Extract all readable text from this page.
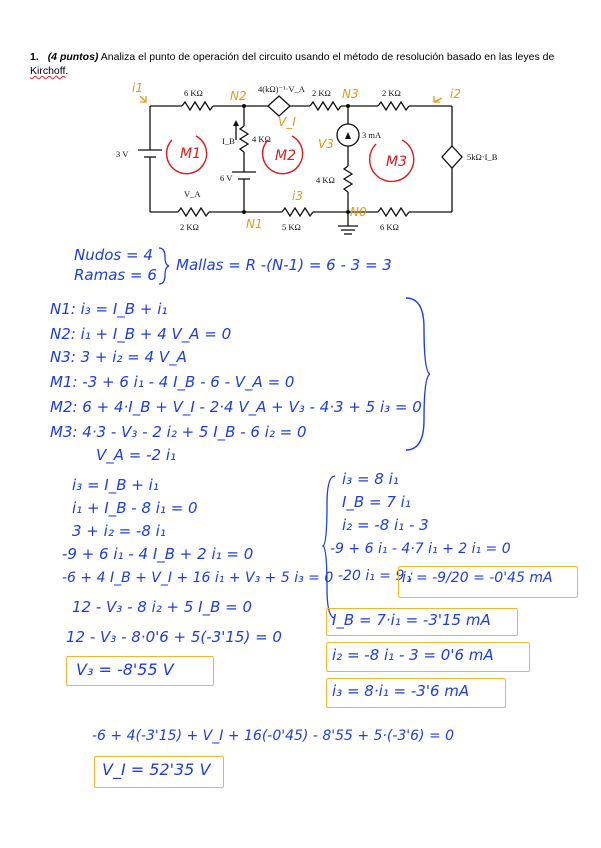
1. (4 puntos) Analiza el punto de operación del circuito usando el método de resolución basado en las leyes de Kirchoff.
6 KΩ	4(kΩ)⁻¹·V_A 2 KΩ	2 KΩ
I_B 4 KΩ	3 mA
3 V
6 V	4 KΩ
5kΩ·I_B
V_A
2 KΩ	5 KΩ	6 KΩ
i1
N2	N3	i2
V_I
M1	M2	M3
V3
i3
N1
N0
Nudos = 4
Ramas = 6
Mallas = R -(N-1) = 6 - 3 = 3
N1: i₃ = I_B + i₁
N2: i₁ + I_B + 4 V_A = 0
N3: 3 + i₂ = 4 V_A
M1: -3 + 6 i₁ - 4 I_B - 6 - V_A = 0
M2: 6 + 4·I_B + V_I - 2·4 V_A + V₃ - 4·3 + 5 i₃ = 0
M3: 4·3 - V₃ - 2 i₂ + 5 I_B - 6 i₂ = 0
V_A = -2 i₁
i₃ = I_B + i₁
i₁ + I_B - 8 i₁ = 0
3 + i₂ = -8 i₁
-9 + 6 i₁ - 4 I_B + 2 i₁ = 0
-6 + 4 I_B + V_I + 16 i₁ + V₃ + 5 i₃ = 0
12 - V₃ - 8 i₂ + 5 I_B = 0
i₃ = 8 i₁
I_B = 7 i₁
i₂ = -8 i₁ - 3
-9 + 6 i₁ - 4·7 i₁ + 2 i₁ = 0
-20 i₁ = 9 ;
i₁ = -9/20 = -0'45 mA
I_B = 7·i₁ = -3'15 mA
i₂ = -8 i₁ - 3 = 0'6 mA
i₃ = 8·i₁ = -3'6 mA
12 - V₃ - 8·0'6 + 5(-3'15) = 0
V₃ = -8'55 V
-6 + 4(-3'15) + V_I + 16(-0'45) - 8'55 + 5·(-3'6) = 0
V_I = 52'35 V
